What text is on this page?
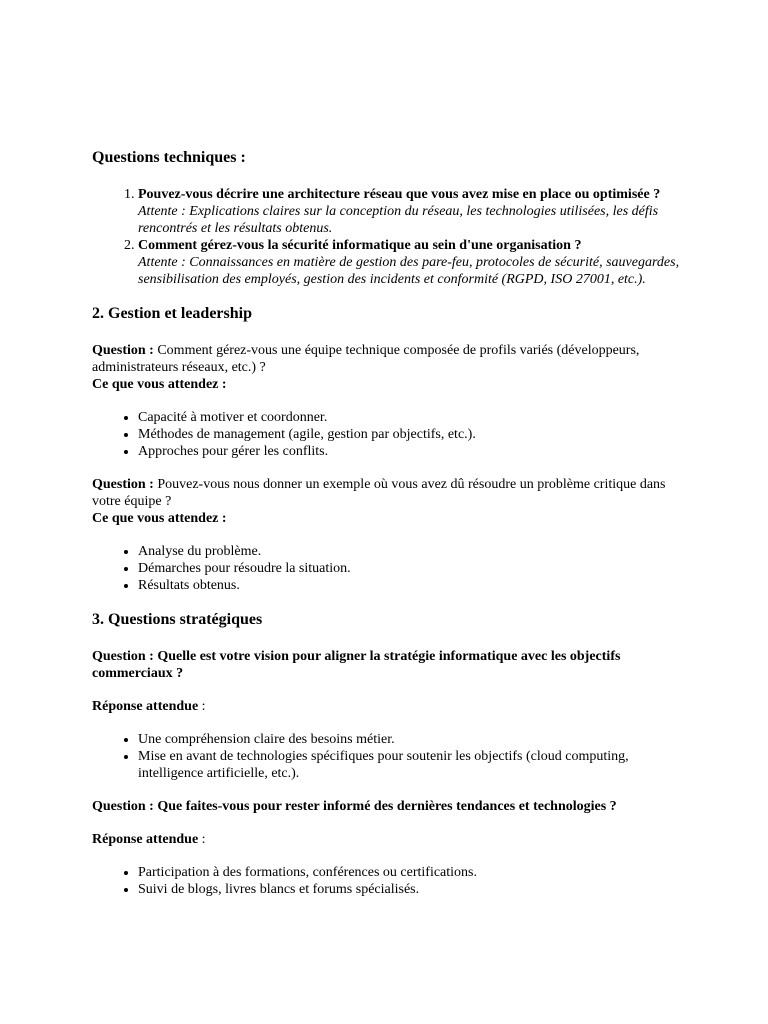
Questions techniques :
1. Pouvez-vous décrire une architecture réseau que vous avez mise en place ou optimisée ?
Attente : Explications claires sur la conception du réseau, les technologies utilisées, les défis rencontrés et les résultats obtenus.
2. Comment gérez-vous la sécurité informatique au sein d'une organisation ?
Attente : Connaissances en matière de gestion des pare-feu, protocoles de sécurité, sauvegardes, sensibilisation des employés, gestion des incidents et conformité (RGPD, ISO 27001, etc.).
2. Gestion et leadership

Question : Comment gérez-vous une équipe technique composée de profils variés (développeurs, administrateurs réseaux, etc.) ?
Ce que vous attendez :

• Capacité à motiver et coordonner.
• Méthodes de management (agile, gestion par objectifs, etc.).
• Approches pour gérer les conflits.

Question : Pouvez-vous nous donner un exemple où vous avez dû résoudre un problème critique dans votre équipe ?
Ce que vous attendez :

• Analyse du problème.
• Démarches pour résoudre la situation.
• Résultats obtenus.
3. Questions stratégiques

Question : Quelle est votre vision pour aligner la stratégie informatique avec les objectifs commerciaux ?

Réponse attendue :

• Une compréhension claire des besoins métier.
• Mise en avant de technologies spécifiques pour soutenir les objectifs (cloud computing, intelligence artificielle, etc.).

Question : Que faites-vous pour rester informé des dernières tendances et technologies ?

Réponse attendue :

• Participation à des formations, conférences ou certifications.
• Suivi de blogs, livres blancs et forums spécialisés.
